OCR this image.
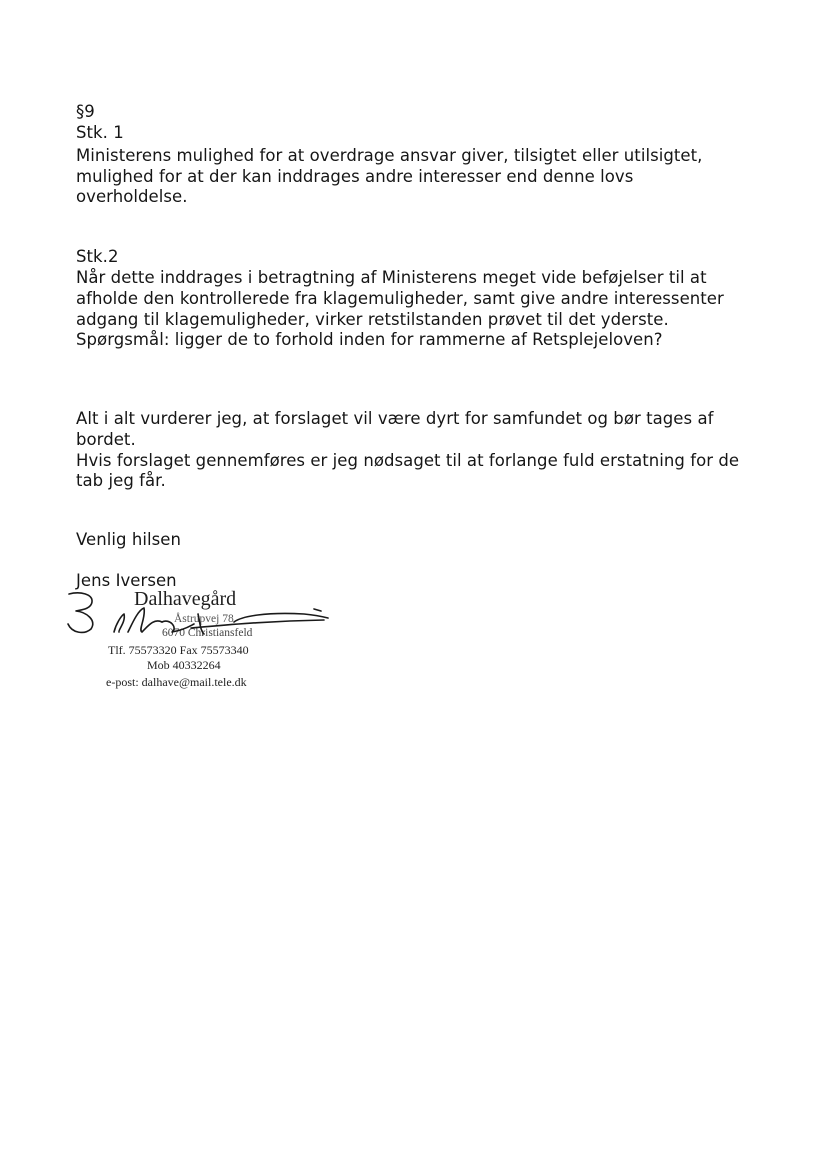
§9
Stk. 1
Ministerens mulighed for at overdrage ansvar giver, tilsigtet eller utilsigtet,
mulighed for at der kan inddrages andre interesser end denne lovs
overholdelse.
Stk.2
Når dette inddrages i betragtning af Ministerens meget vide beføjelser til at
afholde den kontrollerede fra klagemuligheder, samt give andre interessenter
adgang til klagemuligheder, virker retstilstanden prøvet til det yderste.
Spørgsmål: ligger de to forhold inden for rammerne af Retsplejeloven?
Alt i alt vurderer jeg, at forslaget vil være dyrt for samfundet og bør tages af
bordet.
Hvis forslaget gennemføres er jeg nødsaget til at forlange fuld erstatning for de
tab jeg får.
Venlig hilsen
Jens Iversen
Dalhavegård
Åstrupvej 78
6070 Christiansfeld
Tlf. 75573320 Fax 75573340
Mob 40332264
e-post: dalhave@mail.tele.dk
